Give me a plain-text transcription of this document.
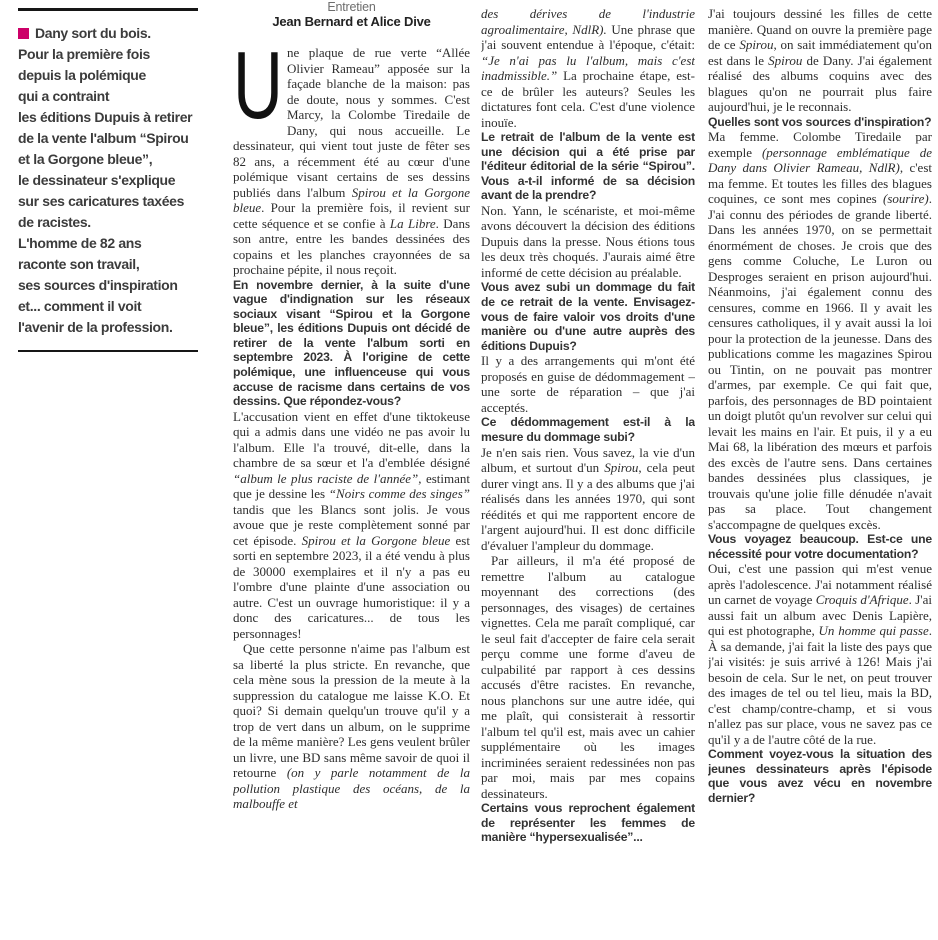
Dany sort du bois.
Pour la première fois
depuis la polémique
qui a contraint
les éditions Dupuis à retirer
de la vente l'album “Spirou
et la Gorgone bleue”,
le dessinateur s'explique
sur ses caricatures taxées
de racistes.
L'homme de 82 ans
raconte son travail,
ses sources d'inspiration
et... comment il voit
l'avenir de la profession.

Entretien
Jean Bernard et Alice Dive

Une plaque de rue verte “Allée Olivier Rameau” apposée sur la façade blanche de la maison: pas de doute, nous y sommes. C'est Marcy, la Colombe Tiredaile de Dany, qui nous accueille. Le dessinateur, qui vient tout juste de fêter ses 82 ans, a récemment été au cœur d'une polémique visant certains de ses dessins publiés dans l'album Spirou et la Gorgone bleue. Pour la première fois, il revient sur cette séquence et se confie à La Libre. Dans son antre, entre les bandes dessinées des copains et les planches crayonnées de sa prochaine pépite, il nous reçoit.

En novembre dernier, à la suite d'une vague d'indignation sur les réseaux sociaux visant “Spirou et la Gorgone bleue”, les éditions Dupuis ont décidé de retirer de la vente l'album sorti en septembre 2023. À l'origine de cette polémique, une influenceuse qui vous accuse de racisme dans certains de vos dessins. Que répondez-vous?

L'accusation vient en effet d'une tiktokeuse qui a admis dans une vidéo ne pas avoir lu l'album. Elle l'a trouvé, dit-elle, dans la chambre de sa sœur et l'a d'emblée désigné “album le plus raciste de l'année”, estimant que je dessine les “Noirs comme des singes” tandis que les Blancs sont jolis. Je vous avoue que je reste complètement sonné par cet épisode. Spirou et la Gorgone bleue est sorti en septembre 2023, il a été vendu à plus de 30000 exemplaires et il n'y a pas eu l'ombre d'une plainte d'une association ou autre. C'est un ouvrage humoristique: il y a donc des caricatures... de tous les personnages!

Que cette personne n'aime pas l'album est sa liberté la plus stricte. En revanche, que cela mène sous la pression de la meute à la suppression du catalogue me laisse K.O. Et quoi? Si demain quelqu'un trouve qu'il y a trop de vert dans un album, on le supprime de la même manière? Les gens veulent brûler un livre, une BD sans même savoir de quoi il retourne (on y parle notamment de la pollution plastique des océans, de la malbouffe et

des dérives de l'industrie agroalimentaire, NdlR). Une phrase que j'ai souvent entendue à l'époque, c'était: “Je n'ai pas lu l'album, mais c'est inadmissible.” La prochaine étape, est-ce de brûler les auteurs? Seules les dictatures font cela. C'est d'une violence inouïe.

Le retrait de l'album de la vente est une décision qui a été prise par l'éditeur éditorial de la série “Spirou”. Vous a-t-il informé de sa décision avant de la prendre?

Non. Yann, le scénariste, et moi-même avons découvert la décision des éditions Dupuis dans la presse. Nous étions tous les deux très choqués. J'aurais aimé être informé de cette décision au préalable.

Vous avez subi un dommage du fait de ce retrait de la vente. Envisagez-vous de faire valoir vos droits d'une manière ou d'une autre auprès des éditions Dupuis?

Il y a des arrangements qui m'ont été proposés en guise de dédommagement – une sorte de réparation – que j'ai acceptés.

Ce dédommagement est-il à la mesure du dommage subi?

Je n'en sais rien. Vous savez, la vie d'un album, et surtout d'un Spirou, cela peut durer vingt ans. Il y a des albums que j'ai réalisés dans les années 1970, qui sont réédités et qui me rapportent encore de l'argent aujourd'hui. Il est donc difficile d'évaluer l'ampleur du dommage.

Par ailleurs, il m'a été proposé de remettre l'album au catalogue moyennant des corrections (des personnages, des visages) de certaines vignettes. Cela me paraît compliqué, car le seul fait d'accepter de faire cela serait perçu comme une forme d'aveu de culpabilité par rapport à ces dessins accusés d'être racistes. En revanche, nous planchons sur une autre idée, qui me plaît, qui consisterait à ressortir l'album tel qu'il est, mais avec un cahier supplémentaire où les images incriminées seraient redessinées non pas par moi, mais par mes copains dessinateurs.

Certains vous reprochent également de représenter les femmes de manière “hypersexualisée”...

J'ai toujours dessiné les filles de cette manière. Quand on ouvre la première page de ce Spirou, on sait immédiatement qu'on est dans le Spirou de Dany. J'ai également réalisé des albums coquins avec des blagues qu'on ne pourrait plus faire aujourd'hui, je le reconnais.

Quelles sont vos sources d'inspiration?

Ma femme. Colombe Tiredaile par exemple (personnage emblématique de Dany dans Olivier Rameau, NdlR), c'est ma femme. Et toutes les filles des blagues coquines, ce sont mes copines (sourire). J'ai connu des périodes de grande liberté. Dans les années 1970, on se permettait énormément de choses. Je crois que des gens comme Coluche, Le Luron ou Desproges seraient en prison aujourd'hui. Néanmoins, j'ai également connu des censures, comme en 1966. Il y avait les censures catholiques, il y avait aussi la loi pour la protection de la jeunesse. Dans des publications comme les magazines Spirou ou Tintin, on ne pouvait pas montrer d'armes, par exemple. Ce qui fait que, parfois, des personnages de BD pointaient un doigt plutôt qu'un revolver sur celui qui levait les mains en l'air. Et puis, il y a eu Mai 68, la libération des mœurs et parfois des excès de l'autre sens. Dans certaines bandes dessinées plus classiques, je trouvais qu'une jolie fille dénudée n'avait pas sa place. Tout changement s'accompagne de quelques excès.

Vous voyagez beaucoup. Est-ce une nécessité pour votre documentation?

Oui, c'est une passion qui m'est venue après l'adolescence. J'ai notamment réalisé un carnet de voyage Croquis d'Afrique. J'ai aussi fait un album avec Denis Lapière, qui est photographe, Un homme qui passe. À sa demande, j'ai fait la liste des pays que j'ai visités: je suis arrivé à 126! Mais j'ai besoin de cela. Sur le net, on peut trouver des images de tel ou tel lieu, mais la BD, c'est champ/contre-champ, et si vous n'allez pas sur place, vous ne savez pas ce qu'il y a de l'autre côté de la rue.

Comment voyez-vous la situation des jeunes dessinateurs après l'épisode que vous avez vécu en novembre dernier?
